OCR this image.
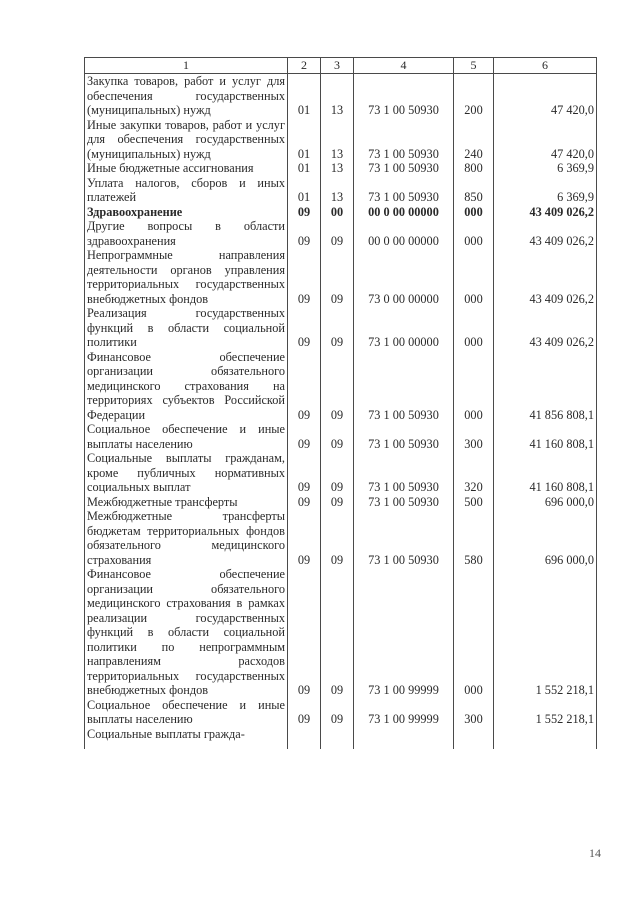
1	2	3	4	5	6
Закупка товаров, работ и услуг для обеспечения государственных (муниципальных) нужд	01	13	73 1 00 50930	200	47 420,0
Иные закупки товаров, работ и услуг для обеспечения государственных (муниципальных) нужд	01	13	73 1 00 50930	240	47 420,0
Иные бюджетные ассигнования	01	13	73 1 00 50930	800	6 369,9
Уплата налогов, сборов и иных платежей	01	13	73 1 00 50930	850	6 369,9
Здравоохранение	09	00	00 0 00 00000	000	43 409 026,2
Другие вопросы в области здравоохранения	09	09	00 0 00 00000	000	43 409 026,2
Непрограммные направления деятельности органов управления территориальных государственных внебюджетных фондов	09	09	73 0 00 00000	000	43 409 026,2
Реализация государственных функций в области социальной политики	09	09	73 1 00 00000	000	43 409 026,2
Финансовое обеспечение организации обязательного медицинского страхования на территориях субъектов Российской Федерации	09	09	73 1 00 50930	000	41 856 808,1
Социальное обеспечение и иные выплаты населению	09	09	73 1 00 50930	300	41 160 808,1
Социальные выплаты гражданам, кроме публичных нормативных социальных выплат	09	09	73 1 00 50930	320	41 160 808,1
Межбюджетные трансферты	09	09	73 1 00 50930	500	696 000,0
Межбюджетные трансферты бюджетам территориальных фондов обязательного медицинского страхования	09	09	73 1 00 50930	580	696 000,0
Финансовое обеспечение организации обязательного медицинского страхования в рамках реализации государственных функций в области социальной политики по непрограммным направлениям расходов территориальных государственных внебюджетных фондов	09	09	73 1 00 99999	000	1 552 218,1
Социальное обеспечение и иные выплаты населению	09	09	73 1 00 99999	300	1 552 218,1
Социальные выплаты гражда-					
14
